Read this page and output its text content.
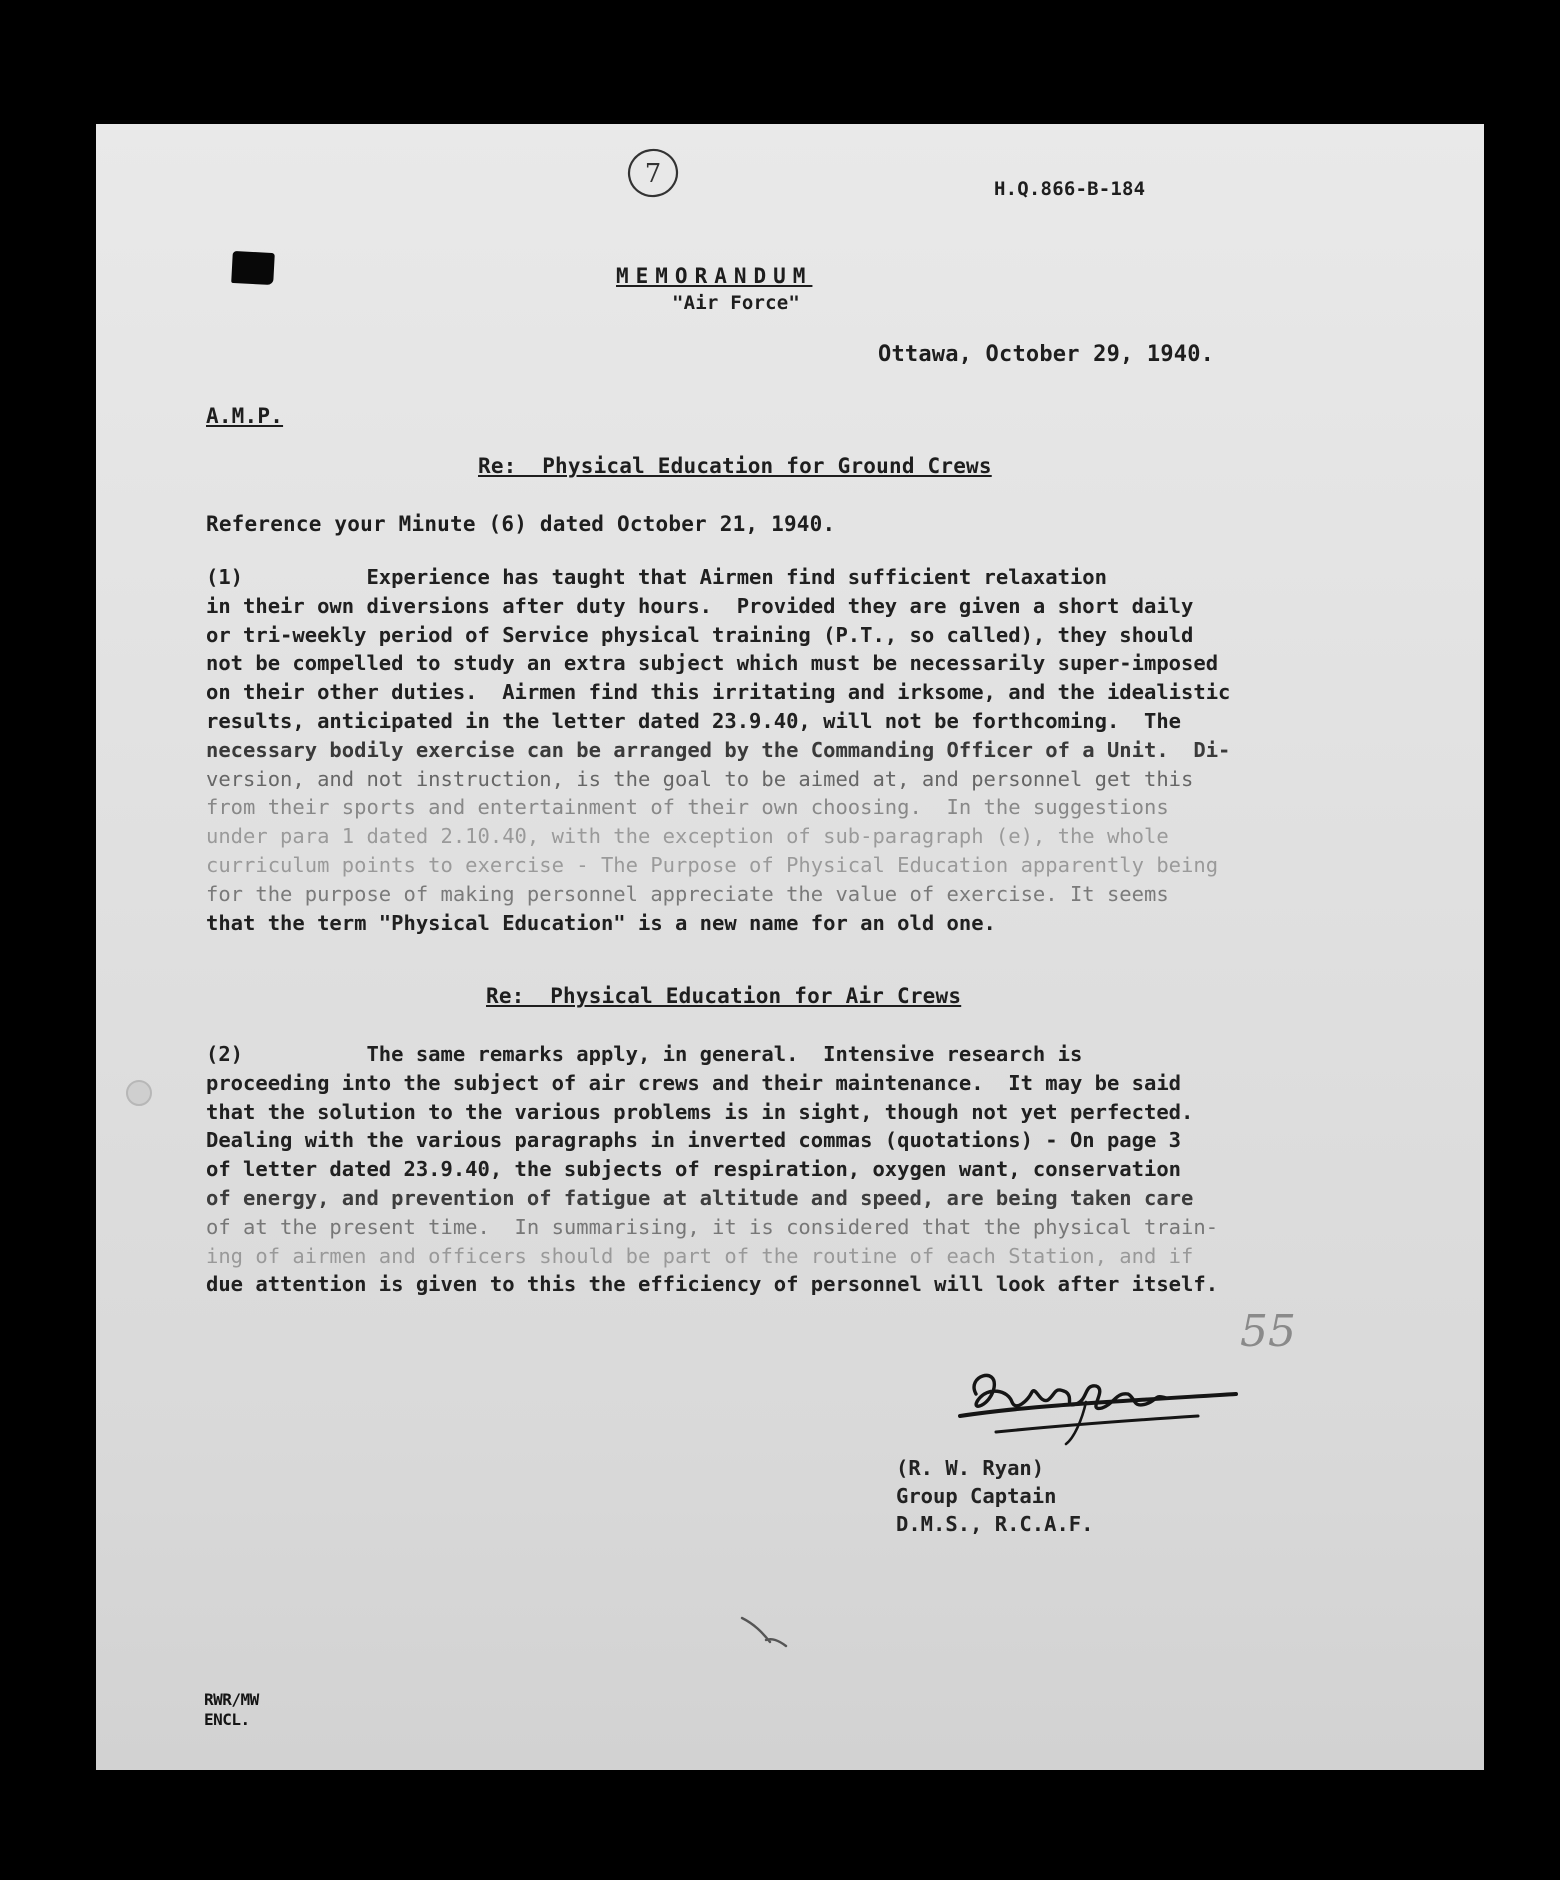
7	H.Q.866-B-184
MEMORANDUM
"Air Force"
Ottawa, October 29, 1940.
A.M.P.
Re:  Physical Education for Ground Crews
Reference your Minute (6) dated October 21, 1940.
(1)          Experience has taught that Airmen find sufficient relaxation
in their own diversions after duty hours.  Provided they are given a short daily
or tri-weekly period of Service physical training (P.T., so called), they should
not be compelled to study an extra subject which must be necessarily super-imposed
on their other duties.  Airmen find this irritating and irksome, and the idealistic
results, anticipated in the letter dated 23.9.40, will not be forthcoming.  The
necessary bodily exercise can be arranged by the Commanding Officer of a Unit.  Di-
version, and not instruction, is the goal to be aimed at, and personnel get this
from their sports and entertainment of their own choosing.  In the suggestions
under para 1 dated 2.10.40, with the exception of sub-paragraph (e), the whole
curriculum points to exercise - The Purpose of Physical Education apparently being
for the purpose of making personnel appreciate the value of exercise. It seems
that the term "Physical Education" is a new name for an old one.
Re:  Physical Education for Air Crews
(2)          The same remarks apply, in general.  Intensive research is
proceeding into the subject of air crews and their maintenance.  It may be said
that the solution to the various problems is in sight, though not yet perfected.
Dealing with the various paragraphs in inverted commas (quotations) - On page 3
of letter dated 23.9.40, the subjects of respiration, oxygen want, conservation
of energy, and prevention of fatigue at altitude and speed, are being taken care
of at the present time.  In summarising, it is considered that the physical train-
ing of airmen and officers should be part of the routine of each Station, and if
due attention is given to this the efficiency of personnel will look after itself.
55
(R. W. Ryan)
Group Captain
D.M.S., R.C.A.F.
RWR/MW
ENCL.
